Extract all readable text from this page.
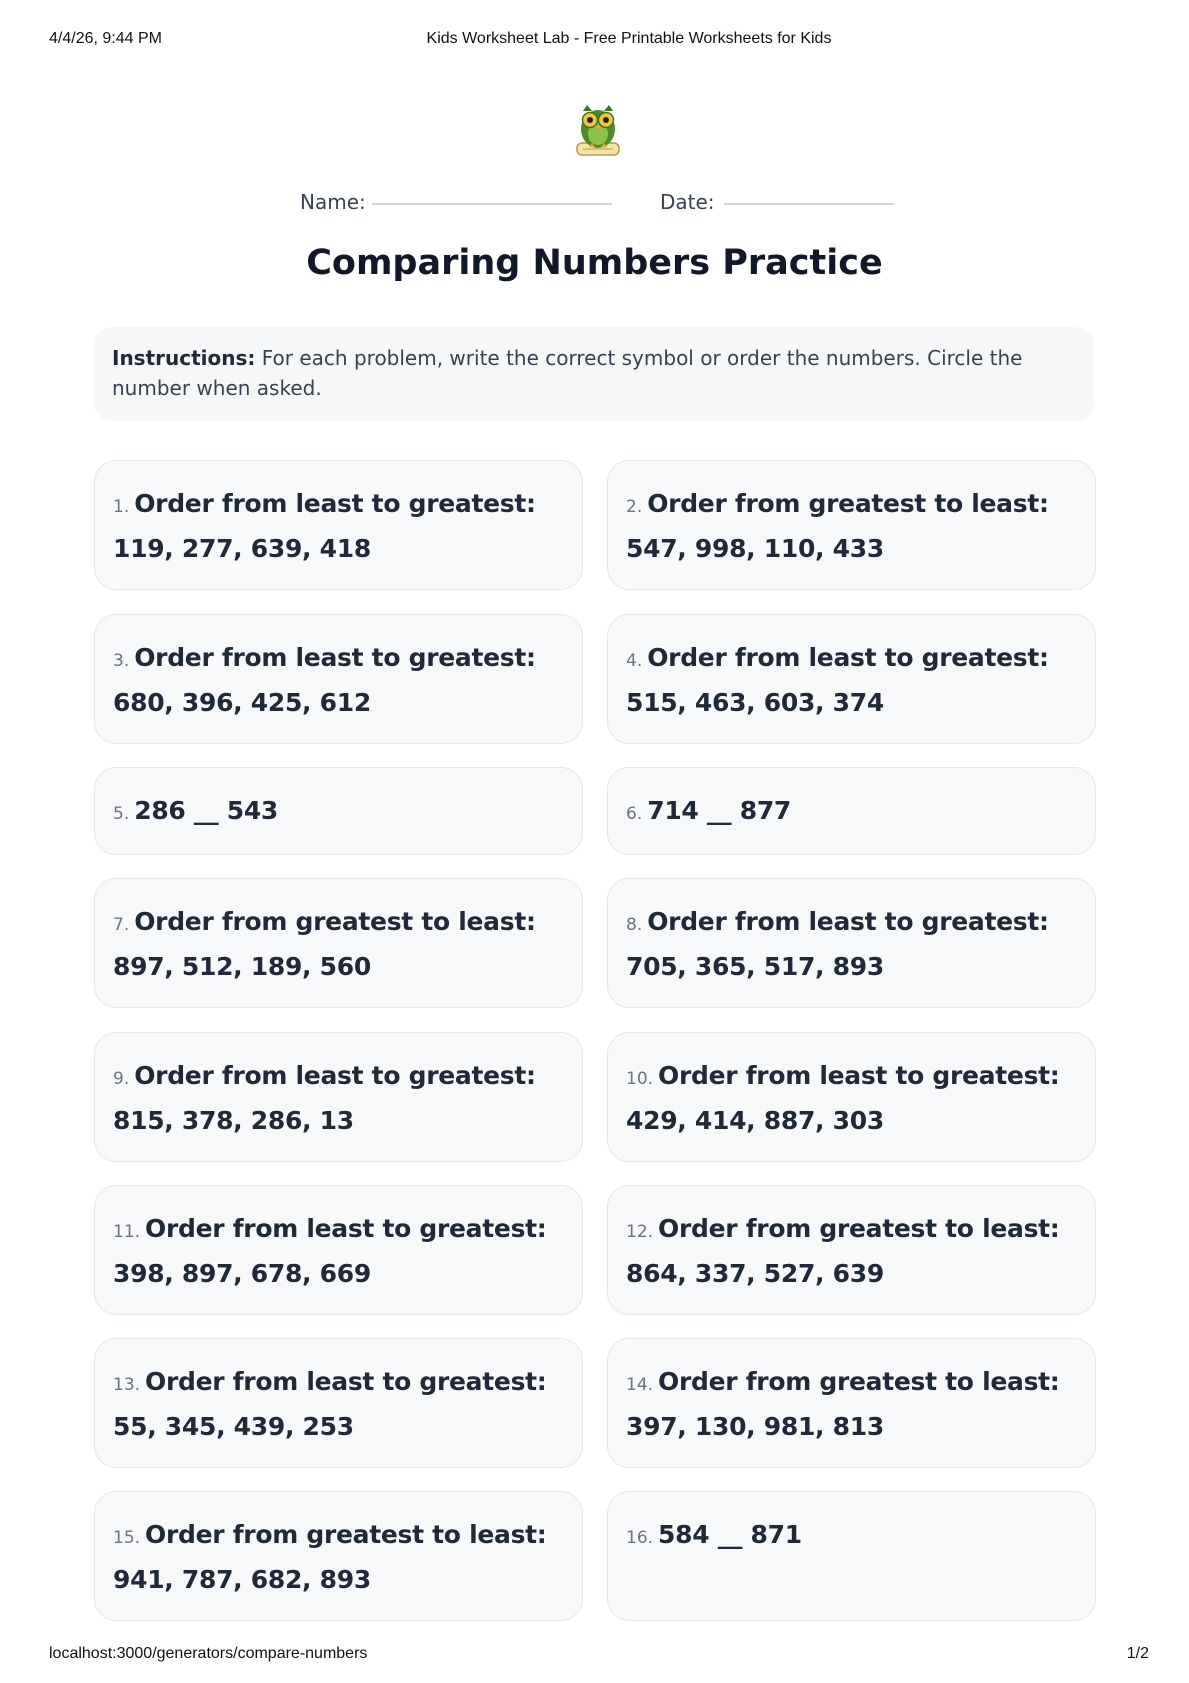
4/4/26, 9:44 PM	Kids Worksheet Lab - Free Printable Worksheets for Kids
Name:	Date:
Comparing Numbers Practice
Instructions: For each problem, write the correct symbol or order the numbers. Circle the number when asked.
1. Order from least to greatest: 119, 277, 639, 418
2. Order from greatest to least: 547, 998, 110, 433
3. Order from least to greatest: 680, 396, 425, 612
4. Order from least to greatest: 515, 463, 603, 374
5. 286 __ 543	6. 714 __ 877
7. Order from greatest to least: 897, 512, 189, 560
8. Order from least to greatest: 705, 365, 517, 893
9. Order from least to greatest: 815, 378, 286, 13
10. Order from least to greatest: 429, 414, 887, 303
11. Order from least to greatest: 398, 897, 678, 669
12. Order from greatest to least: 864, 337, 527, 639
13. Order from least to greatest: 55, 345, 439, 253
14. Order from greatest to least: 397, 130, 981, 813
15. Order from greatest to least: 941, 787, 682, 893
16. 584 __ 871
localhost:3000/generators/compare-numbers	1/2
